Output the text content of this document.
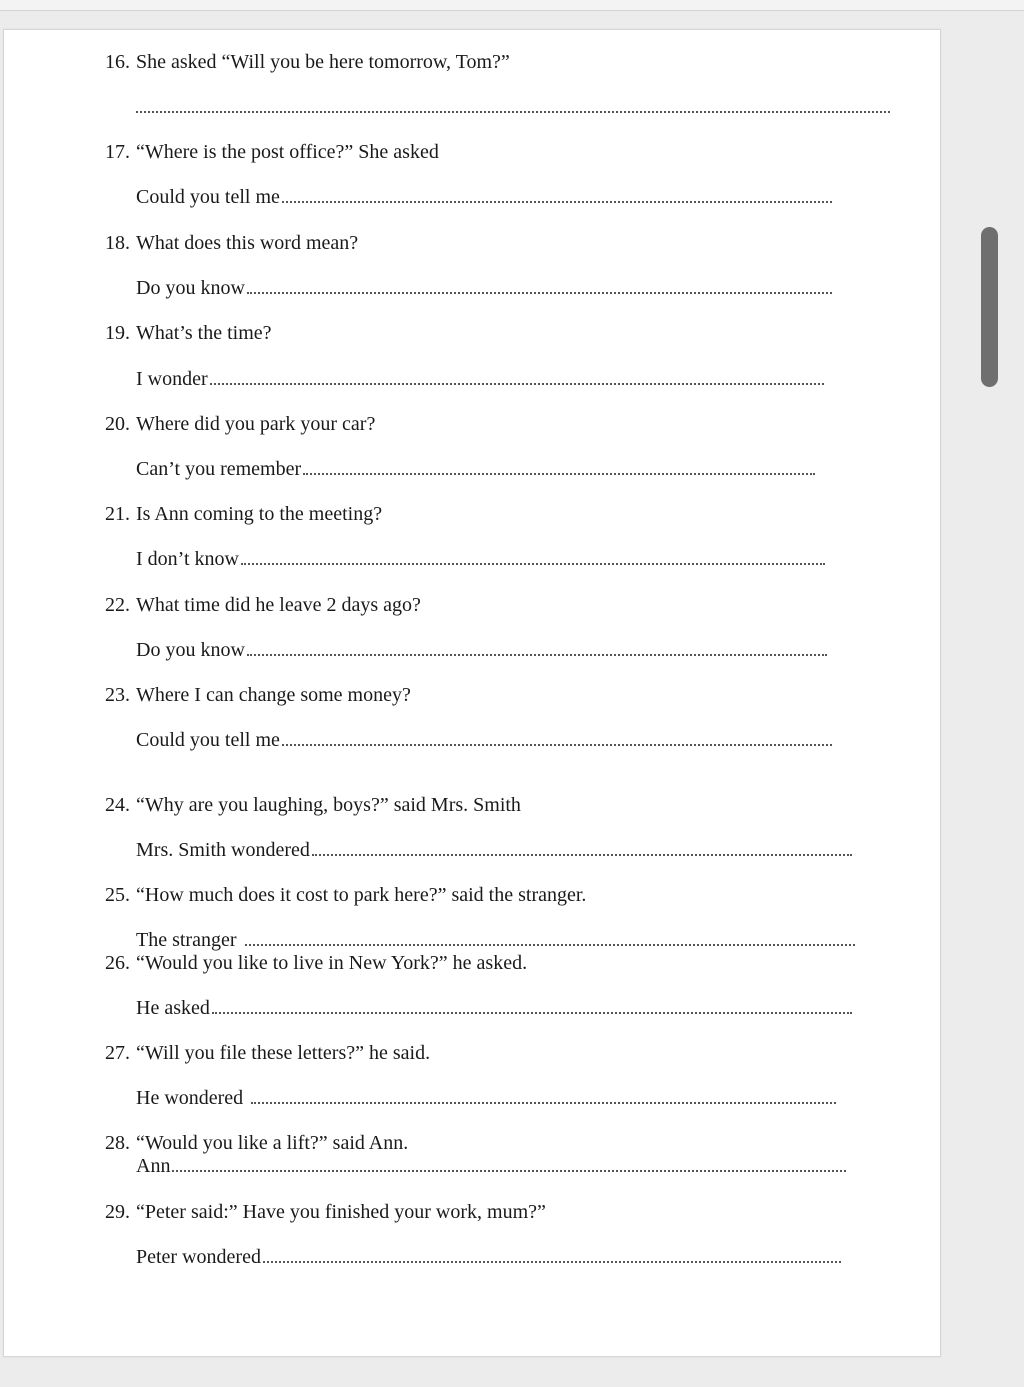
16. She asked “Will you be here tomorrow, Tom?”
17. “Where is the post office?” She asked
Could you tell me
18. What does this word mean?
Do you know
19. What’s the time?
I wonder
20. Where did you park your car?
Can’t you remember
21. Is Ann coming to the meeting?
I don’t know
22. What time did he leave 2 days ago?
Do you know
23. Where I can change some money?
Could you tell me
24. “Why are you laughing, boys?” said Mrs. Smith
Mrs. Smith wondered
25. “How much does it cost to park here?” said the stranger.
The stranger
26. “Would you like to live in New York?” he asked.
He asked
27. “Will you file these letters?” he said.
He wondered
28. “Would you like a lift?” said Ann.
Ann
29. “Peter said:” Have you finished your work, mum?”
Peter wondered
